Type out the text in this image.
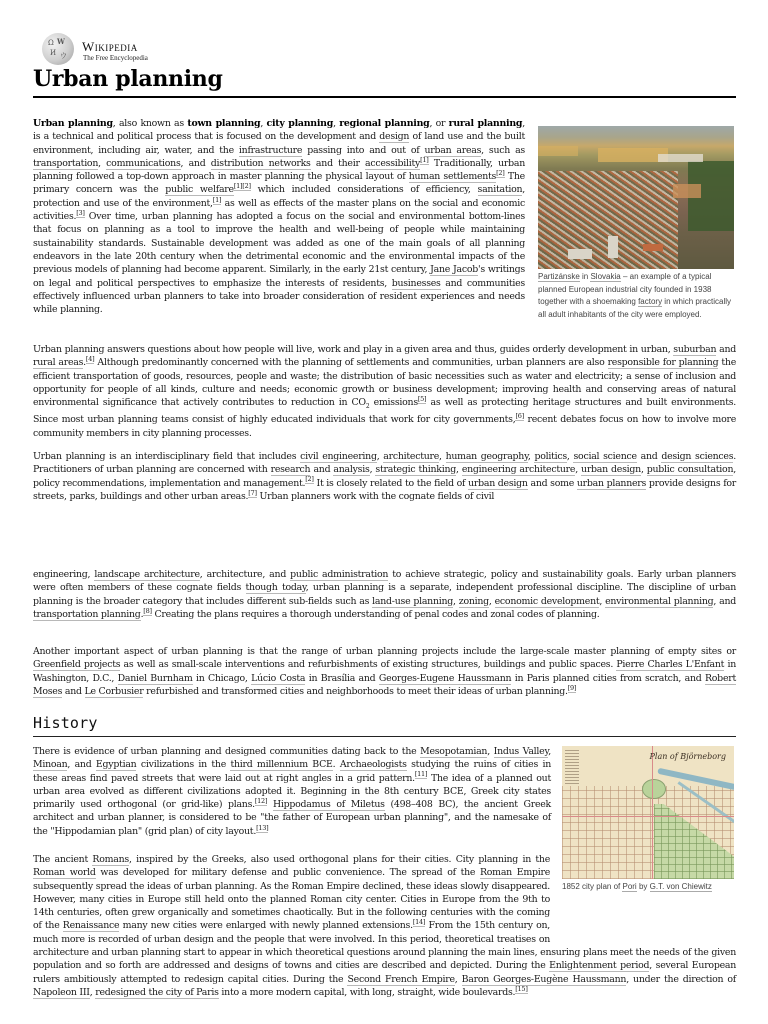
Ω W
И ウ
Wikipedia
The Free Encyclopedia
Urban planning

Urban planning, also known as town planning, city planning, regional planning, or rural planning, is a technical and political process that is focused on the development and design of land use and the built environment, including air, water, and the infrastructure passing into and out of urban areas, such as transportation, communications, and distribution networks and their accessibility[1] Traditionally, urban planning followed a top-down approach in master planning the physical layout of human settlements[2] The primary concern was the public welfare[1][2] which included considerations of efficiency, sanitation, protection and use of the environment,[1] as well as effects of the master plans on the social and economic activities.[3] Over time, urban planning has adopted a focus on the social and environmental bottom-lines that focus on planning as a tool to improve the health and well-being of people while maintaining sustainability standards. Sustainable development was added as one of the main goals of all planning endeavors in the late 20th century when the detrimental economic and the environmental impacts of the previous models of planning had become apparent. Similarly, in the early 21st century, Jane Jacob's writings on legal and political perspectives to emphasize the interests of residents, businesses and communities effectively influenced urban planners to take into broader consideration of resident experiences and needs while planning.

Partizánske in Slovakia – an example of a typical planned European industrial city founded in 1938 together with a shoemaking factory in which practically all adult inhabitants of the city were employed.

Urban planning answers questions about how people will live, work and play in a given area and thus, guides orderly development in urban, suburban and rural areas.[4] Although predominantly concerned with the planning of settlements and communities, urban planners are also responsible for planning the efficient transportation of goods, resources, people and waste; the distribution of basic necessities such as water and electricity; a sense of inclusion and opportunity for people of all kinds, culture and needs; economic growth or business development; improving health and conserving areas of natural environmental significance that actively contributes to reduction in $CO_2$ emissions[5] as well as protecting heritage structures and built environments. Since most urban planning teams consist of highly educated individuals that work for city governments,[6] recent debates focus on how to involve more community members in city planning processes.

Urban planning is an interdisciplinary field that includes civil engineering, architecture, human geography, politics, social science and design sciences. Practitioners of urban planning are concerned with research and analysis, strategic thinking, engineering architecture, urban design, public consultation, policy recommendations, implementation and management.[2] It is closely related to the field of urban design and some urban planners provide designs for streets, parks, buildings and other urban areas.[7] Urban planners work with the cognate fields of civil

engineering, landscape architecture, architecture, and public administration to achieve strategic, policy and sustainability goals. Early urban planners were often members of these cognate fields though today, urban planning is a separate, independent professional discipline. The discipline of urban planning is the broader category that includes different sub-fields such as land-use planning, zoning, economic development, environmental planning, and transportation planning.[8] Creating the plans requires a thorough understanding of penal codes and zonal codes of planning.

Another important aspect of urban planning is that the range of urban planning projects include the large-scale master planning of empty sites or Greenfield projects as well as small-scale interventions and refurbishments of existing structures, buildings and public spaces. Pierre Charles L'Enfant in Washington, D.C., Daniel Burnham in Chicago, Lúcio Costa in Brasília and Georges-Eugene Haussmann in Paris planned cities from scratch, and Robert Moses and Le Corbusier refurbished and transformed cities and neighborhoods to meet their ideas of urban planning.[9]

History

There is evidence of urban planning and designed communities dating back to the Mesopotamian, Indus Valley, Minoan, and Egyptian civilizations in the third millennium BCE. Archaeologists studying the ruins of cities in these areas find paved streets that were laid out at right angles in a grid pattern.[11] The idea of a planned out urban area evolved as different civilizations adopted it. Beginning in the 8th century BCE, Greek city states primarily used orthogonal (or grid-like) plans.[12] Hippodamus of Miletus (498–408 BC), the ancient Greek architect and urban planner, is considered to be "the father of European urban planning", and the namesake of the "Hippodamian plan" (grid plan) of city layout.[13]

Plan of Björneborg
1852 city plan of Pori by G.T. von Chiewitz

The ancient Romans, inspired by the Greeks, also used orthogonal plans for their cities. City planning in the Roman world was developed for military defense and public convenience. The spread of the Roman Empire subsequently spread the ideas of urban planning. As the Roman Empire declined, these ideas slowly disappeared. However, many cities in Europe still held onto the planned Roman city center. Cities in Europe from the 9th to 14th centuries, often grew organically and sometimes chaotically. But in the following centuries with the coming of the Renaissance many new cities were enlarged with newly planned extensions.[14] From the 15th century on, much more is recorded of urban design and the people that were involved. In this period, theoretical treatises on architecture and urban planning start to appear in which theoretical questions around planning the main lines, ensuring plans meet the needs of the given population and so forth are addressed and designs of towns and cities are described and depicted. During the Enlightenment period, several European rulers ambitiously attempted to redesign capital cities. During the Second French Empire, Baron Georges-Eugène Haussmann, under the direction of Napoleon III, redesigned the city of Paris into a more modern capital, with long, straight, wide boulevards.[15]
